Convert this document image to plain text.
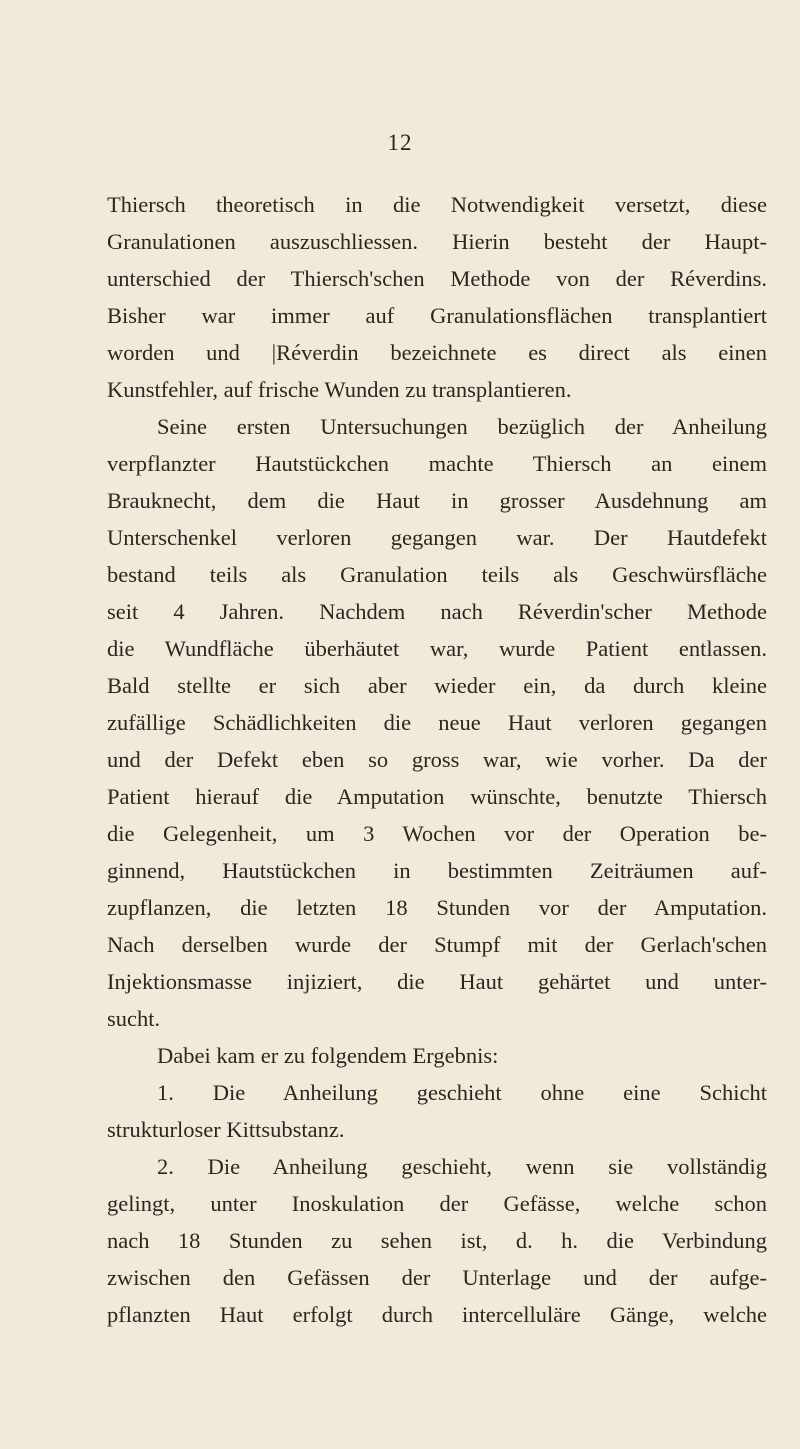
12
Thiersch theoretisch in die Notwendigkeit versetzt, diese
Granulationen auszuschliessen. Hierin besteht der Haupt-
unterschied der Thiersch'schen Methode von der Réverdins.
Bisher war immer auf Granulationsflächen transplantiert
worden und |Réverdin bezeichnete es direct als einen
Kunstfehler, auf frische Wunden zu transplantieren.
Seine ersten Untersuchungen bezüglich der Anheilung
verpflanzter Hautstückchen machte Thiersch an einem
Brauknecht, dem die Haut in grosser Ausdehnung am
Unterschenkel verloren gegangen war. Der Hautdefekt
bestand teils als Granulation teils als Geschwürsfläche
seit 4 Jahren. Nachdem nach Réverdin'scher Methode
die Wundfläche überhäutet war, wurde Patient entlassen.
Bald stellte er sich aber wieder ein, da durch kleine
zufällige Schädlichkeiten die neue Haut verloren gegangen
und der Defekt eben so gross war, wie vorher. Da der
Patient hierauf die Amputation wünschte, benutzte Thiersch
die Gelegenheit, um 3 Wochen vor der Operation be-
ginnend, Hautstückchen in bestimmten Zeiträumen auf-
zupflanzen, die letzten 18 Stunden vor der Amputation.
Nach derselben wurde der Stumpf mit der Gerlach'schen
Injektionsmasse injiziert, die Haut gehärtet und unter-
sucht.
Dabei kam er zu folgendem Ergebnis:
1. Die Anheilung geschieht ohne eine Schicht
strukturloser Kittsubstanz.
2. Die Anheilung geschieht, wenn sie vollständig
gelingt, unter Inoskulation der Gefässe, welche schon
nach 18 Stunden zu sehen ist, d. h. die Verbindung
zwischen den Gefässen der Unterlage und der aufge-
pflanzten Haut erfolgt durch intercelluläre Gänge, welche
